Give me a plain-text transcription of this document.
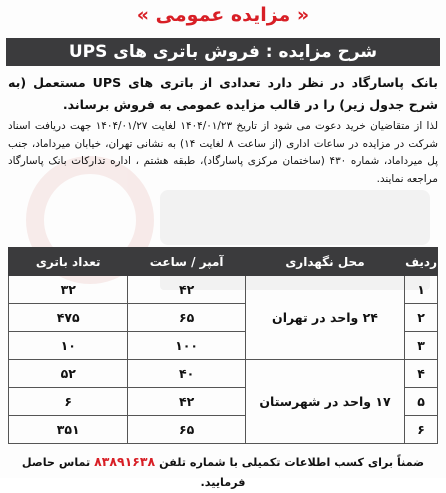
« مزایده عمومی »
شرح مزایده : فروش باتری های UPS

بانک پاسارگاد در نظر دارد تعدادی از باتری های UPS مستعمل (به شرح جدول زیر) را در قالب مزایده عمومی به فروش برساند.

لذا از متقاضیان خرید دعوت می شود از تاریخ ۱۴۰۴/۰۱/۲۳ لغایت ۱۴۰۴/۰۱/۲۷ جهت دریافت اسناد شرکت در مزایده در ساعات اداری (از ساعت ۸ لغایت ۱۴) به نشانی تهران، خیابان میرداماد، جنب پل میرداماد، شماره ۴۳۰ (ساختمان مرکزی پاسارگاد)، طبقه هشتم ، اداره تدارکات بانک پاسارگاد مراجعه نمایند.

ردیف	محل نگهداری	آمپر / ساعت	تعداد باتری
۱	۲۴ واحد در تهران	۴۲	۳۲
۲		۶۵	۴۷۵
۳		۱۰۰	۱۰
۴	۱۷ واحد در شهرستان	۴۰	۵۲
۵		۴۲	۶
۶		۶۵	۳۵۱
ضمناً برای کسب اطلاعات تکمیلی با شماره تلفن ۸۳۸۹۱۶۳۸ تماس حاصل فرمایید.
